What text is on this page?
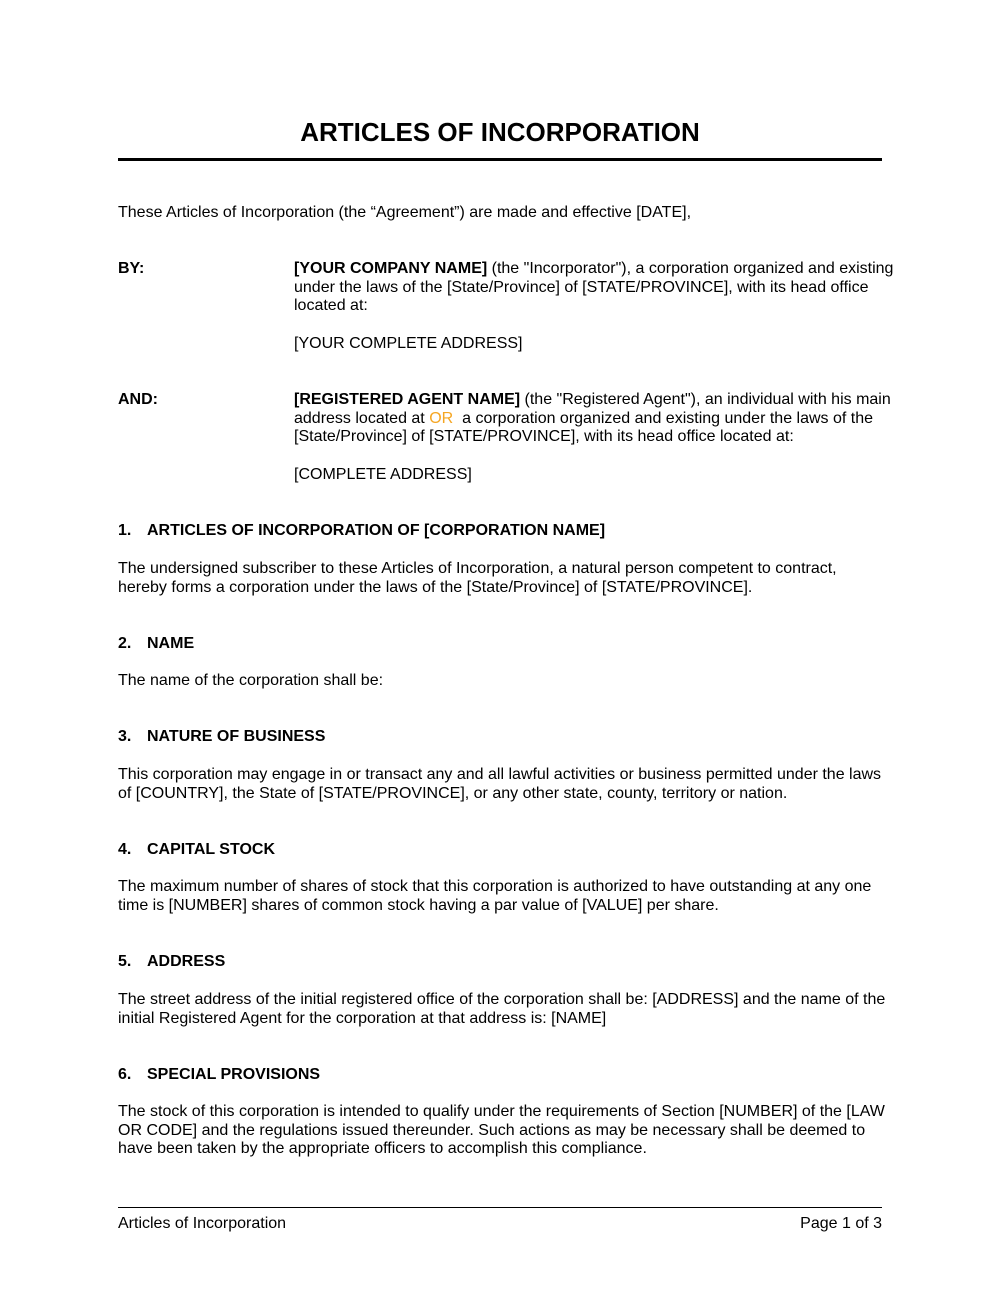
ARTICLES OF INCORPORATION
These Articles of Incorporation (the “Agreement”) are made and effective [DATE],
BY:	[YOUR COMPANY NAME] (the "Incorporator"), a corporation organized and existing under the laws of the [State/Province] of [STATE/PROVINCE], with its head office located at:
[YOUR COMPLETE ADDRESS]
AND:	[REGISTERED AGENT NAME] (the "Registered Agent"), an individual with his main address located at OR  a corporation organized and existing under the laws of the [State/Province] of [STATE/PROVINCE], with its head office located at:
[COMPLETE ADDRESS]
1. ARTICLES OF INCORPORATION OF [CORPORATION NAME]
The undersigned subscriber to these Articles of Incorporation, a natural person competent to contract, hereby forms a corporation under the laws of the [State/Province] of [STATE/PROVINCE].
2. NAME
The name of the corporation shall be:
3. NATURE OF BUSINESS
This corporation may engage in or transact any and all lawful activities or business permitted under the laws of [COUNTRY], the State of [STATE/PROVINCE], or any other state, county, territory or nation.
4. CAPITAL STOCK
The maximum number of shares of stock that this corporation is authorized to have outstanding at any one time is [NUMBER] shares of common stock having a par value of [VALUE] per share.
5. ADDRESS
The street address of the initial registered office of the corporation shall be: [ADDRESS] and the name of the initial Registered Agent for the corporation at that address is: [NAME]
6. SPECIAL PROVISIONS
The stock of this corporation is intended to qualify under the requirements of Section [NUMBER] of the [LAW OR CODE] and the regulations issued thereunder. Such actions as may be necessary shall be deemed to have been taken by the appropriate officers to accomplish this compliance.
Articles of Incorporation	Page 1 of 3
